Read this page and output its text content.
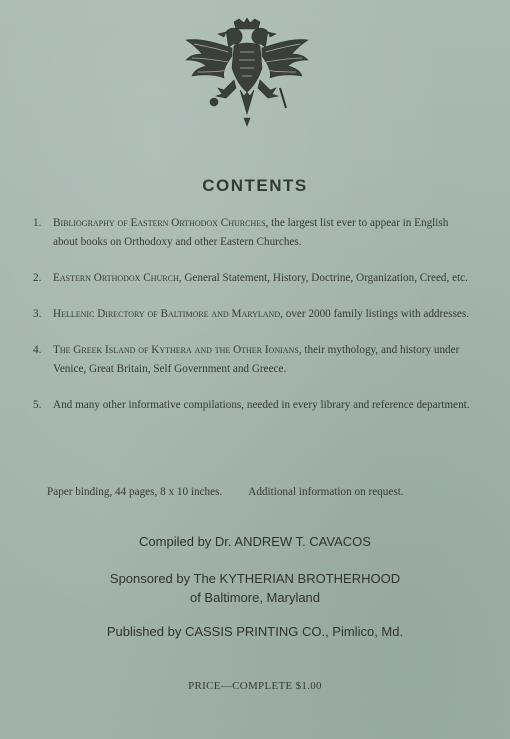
CONTENTS
1.	Bibliography of Eastern Orthodox Churches, the largest list ever to appear in English about books on Orthodoxy and other Eastern Churches.
2.	Eastern Orthodox Church, General Statement, History, Doctrine, Organization, Creed, etc.
3.	Hellenic Directory of Baltimore and Maryland, over 2000 family listings with addresses.
4.	The Greek Island of Kythera and the Other Ionians, their mythology, and history under Venice, Great Britain, Self Government and Greece.
5.	And many other informative compilations, needed in every library and reference department.
Paper binding, 44 pages, 8 x 10 inches. Additional information on request.
Compiled by Dr. ANDREW T. CAVACOS
Sponsored by The KYTHERIAN BROTHERHOOD
of Baltimore, Maryland
Published by CASSIS PRINTING CO., Pimlico, Md.
PRICE—COMPLETE $1.00
